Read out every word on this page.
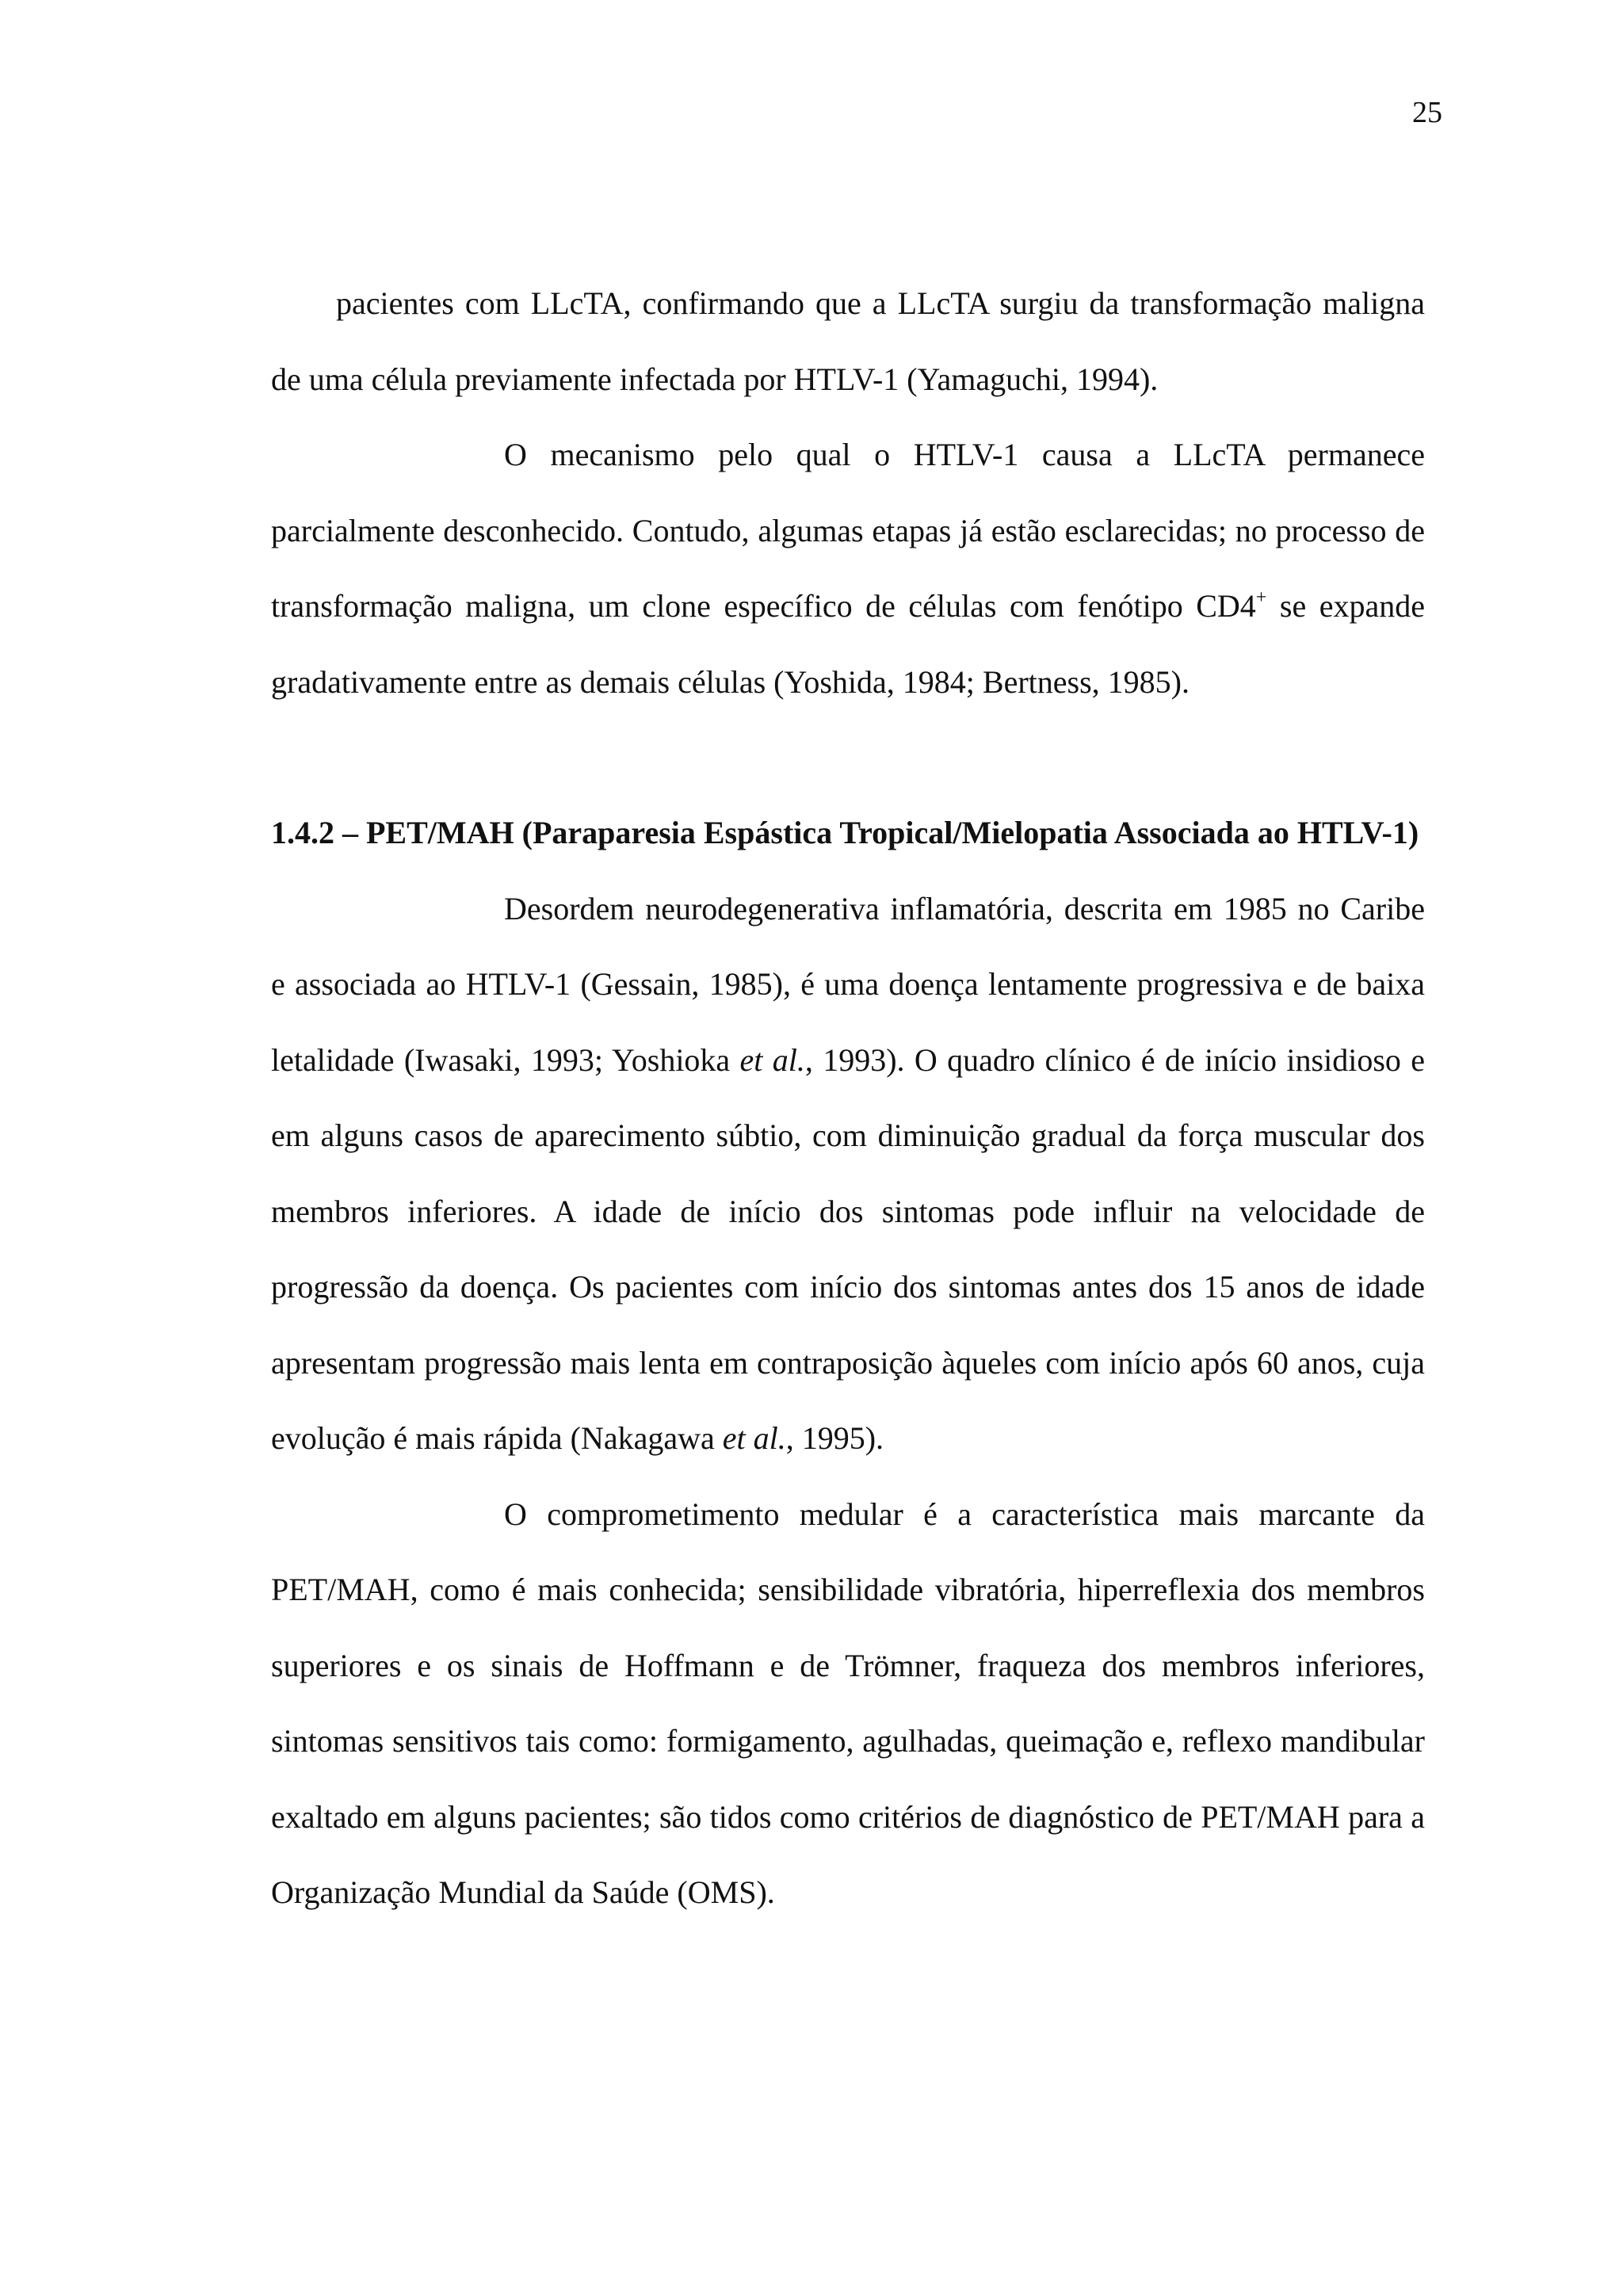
25

pacientes com LLcTA, confirmando que a LLcTA surgiu da transformação maligna de uma célula previamente infectada por HTLV-1 (Yamaguchi, 1994).

O mecanismo pelo qual o HTLV-1 causa a LLcTA permanece parcialmente desconhecido. Contudo, algumas etapas já estão esclarecidas; no processo de transformação maligna, um clone específico de células com fenótipo CD4+ se expande gradativamente entre as demais células (Yoshida, 1984; Bertness, 1985).

1.4.2 – PET/MAH (Paraparesia Espástica Tropical/Mielopatia Associada ao HTLV-1)

Desordem neurodegenerativa inflamatória, descrita em 1985 no Caribe e associada ao HTLV-1 (Gessain, 1985), é uma doença lentamente progressiva e de baixa letalidade (Iwasaki, 1993; Yoshioka et al., 1993). O quadro clínico é de início insidioso e em alguns casos de aparecimento súbtio, com diminuição gradual da força muscular dos membros inferiores. A idade de início dos sintomas pode influir na velocidade de progressão da doença. Os pacientes com início dos sintomas antes dos 15 anos de idade apresentam progressão mais lenta em contraposição àqueles com início após 60 anos, cuja evolução é mais rápida (Nakagawa et al., 1995).

O comprometimento medular é a característica mais marcante da PET/MAH, como é mais conhecida; sensibilidade vibratória, hiperreflexia dos membros superiores e os sinais de Hoffmann e de Trömner, fraqueza dos membros inferiores, sintomas sensitivos tais como: formigamento, agulhadas, queimação e, reflexo mandibular exaltado em alguns pacientes; são tidos como critérios de diagnóstico de PET/MAH para a Organização Mundial da Saúde (OMS).
